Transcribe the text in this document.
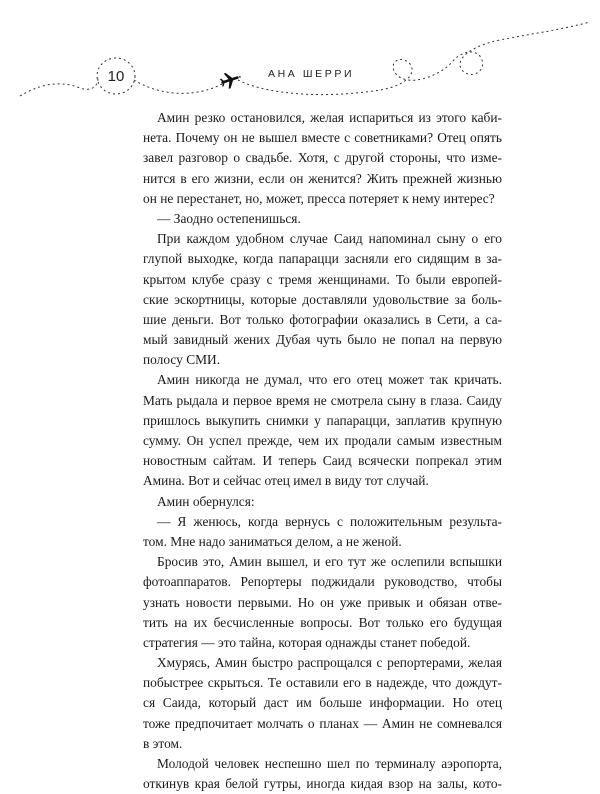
10	АНА ШЕРРИ
Амин резко остановился, желая испариться из этого каби-
нета. Почему он не вышел вместе с советниками? Отец опять
завел разговор о свадьбе. Хотя, с другой стороны, что изме-
нится в его жизни, если он женится? Жить прежней жизнью
он не перестанет, но, может, пресса потеряет к нему интерес?
— Заодно остепенишься.
При каждом удобном случае Саид напоминал сыну о его
глупой выходке, когда папарацци засняли его сидящим в за-
крытом клубе сразу с тремя женщинами. То были европей-
ские эскортницы, которые доставляли удовольствие за боль-
шие деньги. Вот только фотографии оказались в Сети, а са-
мый завидный жених Дубая чуть было не попал на первую
полосу СМИ.
Амин никогда не думал, что его отец может так кричать.
Мать рыдала и первое время не смотрела сыну в глаза. Саиду
пришлось выкупить снимки у папарацци, заплатив крупную
сумму. Он успел прежде, чем их продали самым известным
новостным сайтам. И теперь Саид всячески попрекал этим
Амина. Вот и сейчас отец имел в виду тот случай.
Амин обернулся:
— Я женюсь, когда вернусь с положительным результа-
том. Мне надо заниматься делом, а не женой.
Бросив это, Амин вышел, и его тут же ослепили вспышки
фотоаппаратов. Репортеры поджидали руководство, чтобы
узнать новости первыми. Но он уже привык и обязан отве-
тить на их бесчисленные вопросы. Вот только его будущая
стратегия — это тайна, которая однажды станет победой.
Хмурясь, Амин быстро распрощался с репортерами, желая
побыстрее скрыться. Те оставили его в надежде, что дождут-
ся Саида, который даст им больше информации. Но отец
тоже предпочитает молчать о планах — Амин не сомневался
в этом.
Молодой человек неспешно шел по терминалу аэропорта,
откинув края белой гутры, иногда кидая взор на залы, кото-
